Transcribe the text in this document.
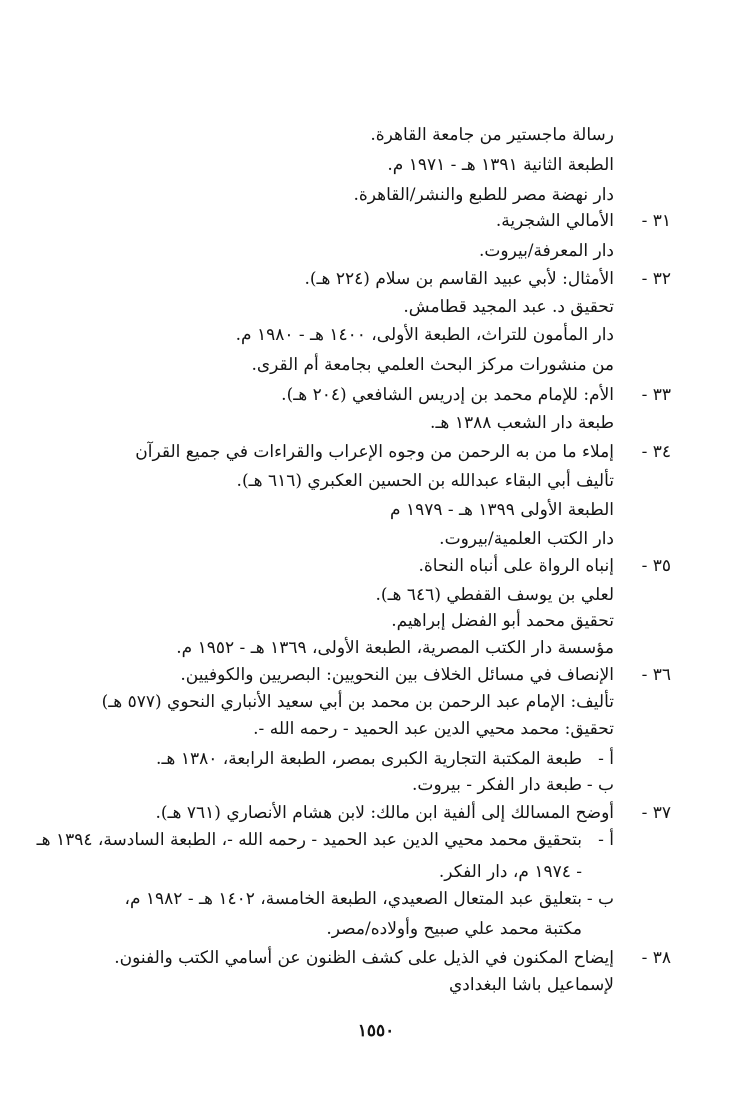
رسالة ماجستير من جامعة القاهرة.
الطبعة الثانية ١٣٩١ هـ - ١٩٧١ م.
دار نهضة مصر للطبع والنشر/القاهرة.
٣١ -
الأمالي الشجرية.
دار المعرفة/بيروت.
٣٢ -
الأمثال: لأبي عبيد القاسم بن سلام (٢٢٤ هـ).
تحقيق د. عبد المجيد قطامش.
دار المأمون للتراث، الطبعة الأولى، ١٤٠٠ هـ - ١٩٨٠ م.
من منشورات مركز البحث العلمي بجامعة أم القرى.
٣٣ -
الأم: للإمام محمد بن إدريس الشافعي (٢٠٤ هـ).
طبعة دار الشعب ١٣٨٨ هـ.
٣٤ -
إملاء ما من به الرحمن من وجوه الإعراب والقراءات في جميع القرآن
تأليف أبي البقاء عبدالله بن الحسين العكبري (٦١٦ هـ).
الطبعة الأولى ١٣٩٩ هـ - ١٩٧٩ م
دار الكتب العلمية/بيروت.
٣٥ -
إنباه الرواة على أنباه النحاة.
لعلي بن يوسف القفطي (٦٤٦ هـ).
تحقيق محمد أبو الفضل إبراهيم.
مؤسسة دار الكتب المصرية، الطبعة الأولى، ١٣٦٩ هـ - ١٩٥٢ م.
٣٦ -
الإنصاف في مسائل الخلاف بين النحويين: البصريين والكوفيين.
تأليف: الإمام عبد الرحمن بن محمد بن أبي سعيد الأنباري النحوي (٥٧٧ هـ)
تحقيق: محمد محيي الدين عبد الحميد - رحمه الله -.
أ -
طبعة المكتبة التجارية الكبرى بمصر، الطبعة الرابعة، ١٣٨٠ هـ.
ب -
طبعة دار الفكر - بيروت.
٣٧ -
أوضح المسالك إلى ألفية ابن مالك: لابن هشام الأنصاري (٧٦١ هـ).
أ -
بتحقيق محمد محيي الدين عبد الحميد - رحمه الله -، الطبعة السادسة، ١٣٩٤ هـ
- ١٩٧٤ م، دار الفكر.
ب -
بتعليق عبد المتعال الصعيدي، الطبعة الخامسة، ١٤٠٢ هـ - ١٩٨٢ م،
مكتبة محمد علي صبيح وأولاده/مصر.
٣٨ -
إيضاح المكنون في الذيل على كشف الظنون عن أسامي الكتب والفنون.
لإسماعيل باشا البغدادي
١٥٥٠
